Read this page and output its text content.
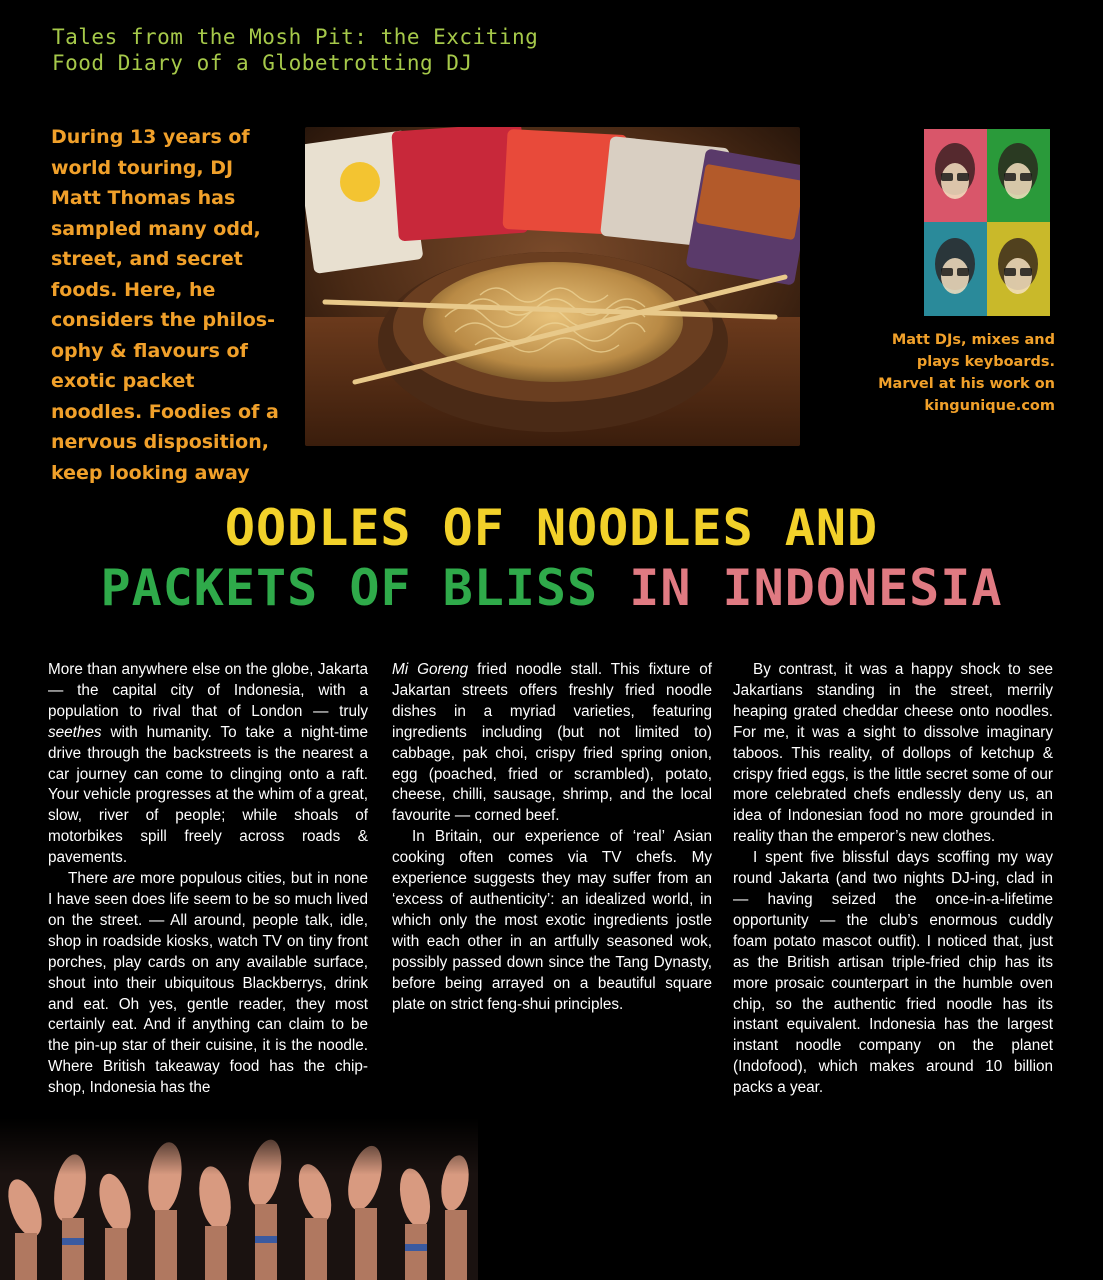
Tales from the Mosh Pit: the Exciting
Food Diary of a Globetrotting DJ

During 13 years of world touring, DJ Matt Thomas has sampled many odd, street, and secret foods. Here, he considers the philosophy & flavours of exotic packet noodles. Foodies of a nervous disposition, keep looking away

Matt DJs, mixes and plays keyboards. Marvel at his work on kingunique.com

OODLES OF NOODLES AND
PACKETS OF BLISS IN INDONESIA

More than anywhere else on the globe, Jakarta — the capital city of Indonesia, with a population to rival that of London — truly seethes with humanity. To take a night-time drive through the backstreets is the nearest a car journey can come to clinging onto a raft. Your vehicle progresses at the whim of a great, slow, river of people; while shoals of motorbikes spill freely across roads & pavements.

There are more populous cities, but in none I have seen does life seem to be so much lived on the street. — All around, people talk, idle, shop in roadside kiosks, watch TV on tiny front porches, play cards on any available surface, shout into their ubiquitous Blackberrys, drink and eat. Oh yes, gentle reader, they most certainly eat. And if anything can claim to be the pin-up star of their cuisine, it is the noodle. Where British takeaway food has the chip-shop, Indonesia has the

Mi Goreng fried noodle stall. This fixture of Jakartan streets offers freshly fried noodle dishes in a myriad varieties, featuring ingredients including (but not limited to) cabbage, pak choi, crispy fried spring onion, egg (poached, fried or scrambled), potato, cheese, chilli, sausage, shrimp, and the local favourite — corned beef.

In Britain, our experience of ‘real’ Asian cooking often comes via TV chefs. My experience suggests they may suffer from an ‘excess of authenticity’: an idealized world, in which only the most exotic ingredients jostle with each other in an artfully seasoned wok, possibly passed down since the Tang Dynasty, before being arrayed on a beautiful square plate on strict feng-shui principles.

By contrast, it was a happy shock to see Jakartians standing in the street, merrily heaping grated cheddar cheese onto noodles. For me, it was a sight to dissolve imaginary taboos. This reality, of dollops of ketchup & crispy fried eggs, is the little secret some of our more celebrated chefs endlessly deny us, an idea of Indonesian food no more grounded in reality than the emperor’s new clothes.

I spent five blissful days scoffing my way round Jakarta (and two nights DJ-ing, clad in — having seized the once-in-a-lifetime opportunity — the club’s enormous cuddly foam potato mascot outfit). I noticed that, just as the British artisan triple-fried chip has its more prosaic counterpart in the humble oven chip, so the authentic fried noodle has its instant equivalent. Indonesia has the largest instant noodle company on the planet (Indofood), which makes around 10 billion packs a year.
